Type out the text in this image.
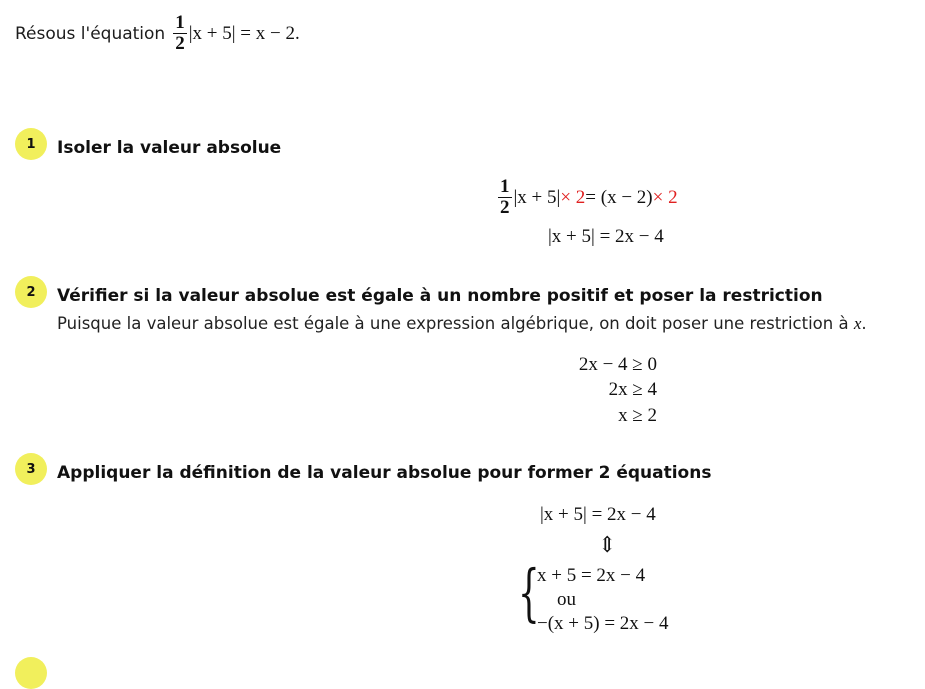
Résous l'équation $\frac{1}{2} |x + 5| = x - 2$.
1	Isoler la valeur absolue
$\frac{1}{2} |x + 5| \times 2 = (x - 2) \times 2$
|x + 5| = 2x − 4
2	Vérifier si la valeur absolue est égale à un nombre positif et poser la restriction
Puisque la valeur absolue est égale à une expression algébrique, on doit poser une restriction à x.
2x − 4 ≥ 0
2x ≥ 4
x ≥ 2
3	Appliquer la définition de la valeur absolue pour former 2 équations
|x + 5| = 2x − 4
⇕
{
x + 5 = 2x − 4
ou
−(x + 5) = 2x − 4
